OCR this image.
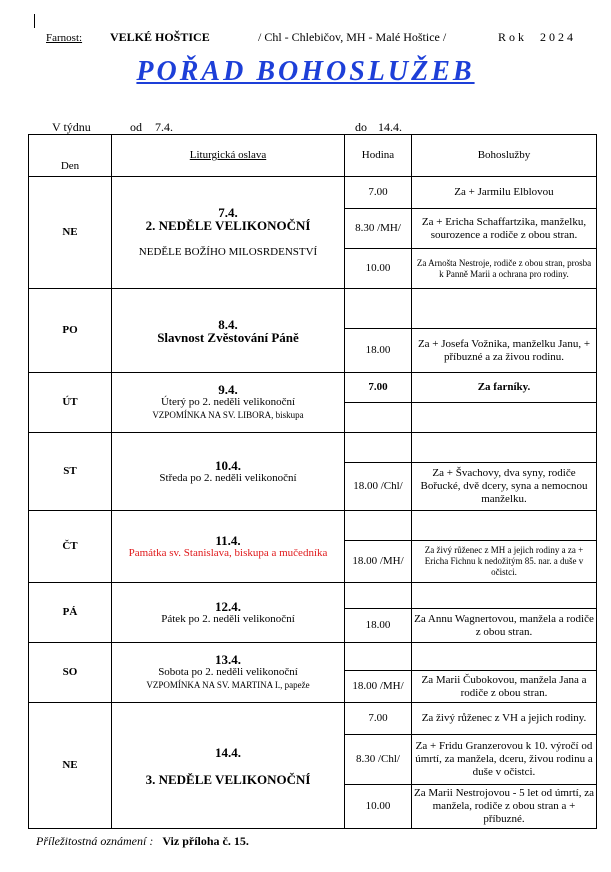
Farnost: VELKÉ HOŠTICE	/ Chl - Chlebičov, MH - Malé Hoštice /	R o k 2 0 2 4
POŘAD BOHOSLUŽEB
V týdnu	od 7.4.	do 14.4.
Den	Liturgická oslava	Hodina	Bohoslužby
NE	7.4.
2. NEDĚLE VELIKONOČNÍ
NEDĚLE BOŽÍHO MILOSRDENSTVÍ	7.00	Za + Jarmilu Elblovou
		8.30 /MH/	Za + Ericha Schaffartzika, manželku, sourozence a rodiče z obou stran.
		10.00	Za Arnošta Nestroje, rodiče z obou stran, prosba k Panně Marii a ochrana pro rodiny.
PO	8.4.
Slavnost Zvěstování Páně		

		18.00	Za + Josefa Vožnika, manželku Janu, + příbuzné a za živou rodinu.
ÚT	9.4.
Úterý po 2. neděli velikonoční
VZPOMÍNKA NA SV. LIBORA, biskupa	7.00	Za farníky.

ST	10.4.
Středa po 2. neděli velikonoční		

		18.00 /Chl/	Za + Švachovy, dva syny, rodiče Bořucké, dvě dcery, syna a nemocnou manželku.
ČT	11.4.
Památka sv. Stanislava, biskupa a mučedníka		

		18.00 /MH/	Za živý růženec z MH a jejich rodiny a za + Ericha Fichnu k nedožitým 85. nar. a duše v očistci.
PÁ	12.4.
Pátek po 2. neděli velikonoční		

		18.00	Za Annu Wagnertovou, manžela a rodiče z obou stran.
SO	13.4.
Sobota po 2. neděli velikonoční
VZPOMÍNKA NA SV. MARTINA I., papeže		

		18.00 /MH/	Za Marii Čubokovou, manžela Jana a rodiče z obou stran.
NE	14.4.
3. NEDĚLE VELIKONOČNÍ	7.00	Za živý růženec z VH a jejich rodiny.
		8.30 /Chl/	Za + Fridu Granzerovou k 10. výročí od úmrtí, za manžela, dceru, živou rodinu a duše v očistci.
		10.00	Za Marii Nestrojovou - 5 let od úmrtí, za manžela, rodiče z obou stran a + příbuzné.
Příležitostná oznámení : Viz příloha č. 15.
